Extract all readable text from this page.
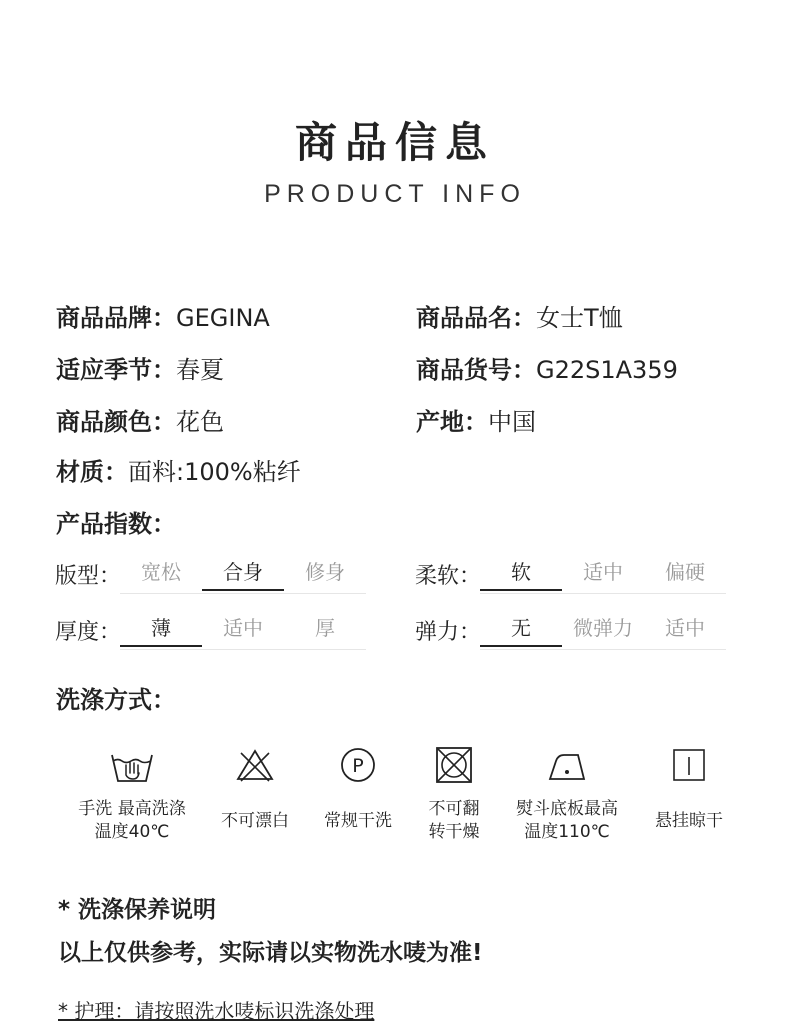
商品信息
PRODUCT INFO
商品品牌：GEGINA	商品品名：女士T恤
适应季节：春夏	商品货号：G22S1A359
商品颜色：花色	产地：中国
材质：面料:100%粘纤
产品指数：
版型： 宽松	合身	修身	柔软：	软	适中	偏硬
厚度：	薄	适中	厚	弹力：	无	微弹力	适中
洗涤方式：
手洗 最高洗涤
温度40℃
不可漂白
P
常规干洗
不可翻
转干燥
熨斗底板最高
温度110℃
悬挂晾干
* 洗涤保养说明
以上仅供参考，实际请以实物洗水唛为准!
* 护理：请按照洗水唛标识洗涤处理
